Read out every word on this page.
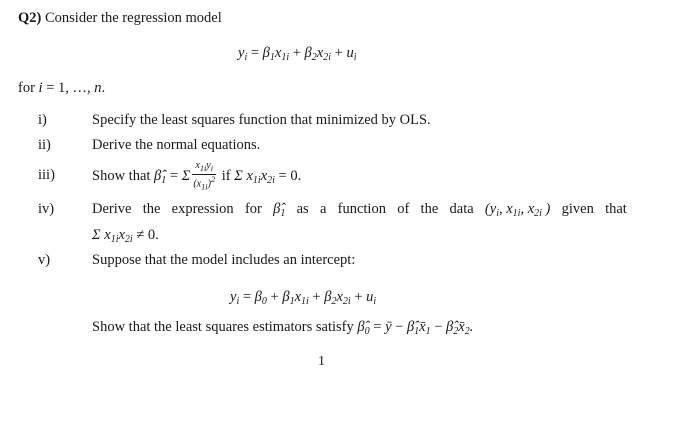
Q2) Consider the regression model
$y_i = \beta_1x_{1i} + \beta_2x_{2i} + u_i$
for i = 1, …, n.
i)	Specify the least squares function that minimized by OLS.
ii)	Derive the normal equations.
iii)	Show that $\betâ_1 = \Sigma \frac{x_{1i}y_i}{(x_{1i})^2}$ if Σ $x_{1i}x_{2i} = 0$.
iv)	Derive the expression for $\betâ_1$ as a function of the data ($y_i$, $x_{1i}$, $x_{2i}$ ) given that
Σ $x_{1i}x_{2i} \ne 0$.
v)	Suppose that the model includes an intercept:
$y_i = \beta_0 + \beta_1x_{1i} + \beta_2x_{2i} + u_i$
Show that the least squares estimators satisfy $\betâ_0$ = ȳ − $\betâ_1x̄_1$ − $\betâ_2x̄_2$.
1
